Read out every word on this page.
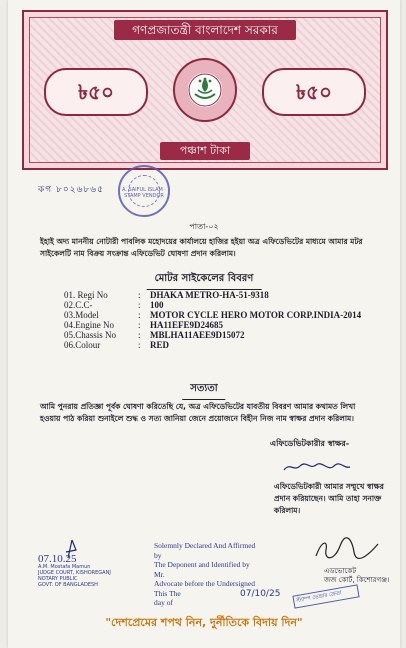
গণপ্রজাতন্ত্রী বাংলাদেশ সরকার
৳৫০	৳৫০
পঞ্চাশ টাকা
কগ ৮০২৬৮৬৫	A. SAIFUL ISLAM · STAMP VENDOR
পাতা-০২
ইহাই অদ্য মাননীয় নোটারী পাবলিক মহোদয়ের কার্যালয়ে হাজির হইয়া অত্র এফিডেভিটের মাধ্যমে আমার মটর সাইকেলটি নাম বিক্রয় সংক্রান্ত এফিডেভিট ঘোষণা প্রদান করিলাম।
মোটর সাইকেলের বিবরণ
01. Regi No	:	DHAKA METRO-HA-51-9318
02.C.C-	:	100
03.Model	:	MOTOR CYCLE HERO MOTOR CORP.INDIA-2014
04.Engine No	:	HA11EFE9D24685
05.Chassis No	:	MBLHA11AEE9D15072
06.Colour	:	RED
সত্যতা
আমি পুনরায় প্রতিজ্ঞা পূর্বক ঘোষণা করিতেছি যে, অত্র এফিডেভিটের যাবতীয় বিবরণ আমার কথামত লিখা হওয়ায় পাঠ করিয়া শুনাইলে শুদ্ধ ও সত্য জানিয়া জেনে প্রয়োজনে বিহীন নিজ নাম স্বাক্ষর প্রদান করিলাম।
এফিডেভিটকারীর স্বাক্ষর-
এফিডেভিটকারী আমার সম্মুখে স্বাক্ষর প্রদান করিয়াছেন। আমি তাহা সনাক্ত করিলাম।
07.10.25
A.M. Mostafa Mamun
JUDGE COURT, KISHOREGANJ
NOTARY PUBLIC
GOVT. OF BANGLADESH
Solemnly Declared And Affirmed
by
The Deponent and Identified by
Mr.
Advocate before the Undersigned
This The
day of
07/10/25
এডভোকেট
জজ কোর্ট, কিশোরগঞ্জ।
স্ট্যাম্প ভেন্ডার ক্রেতা
"দেশপ্রেমের শপথ নিন, দুর্নীতিকে বিদায় দিন"
